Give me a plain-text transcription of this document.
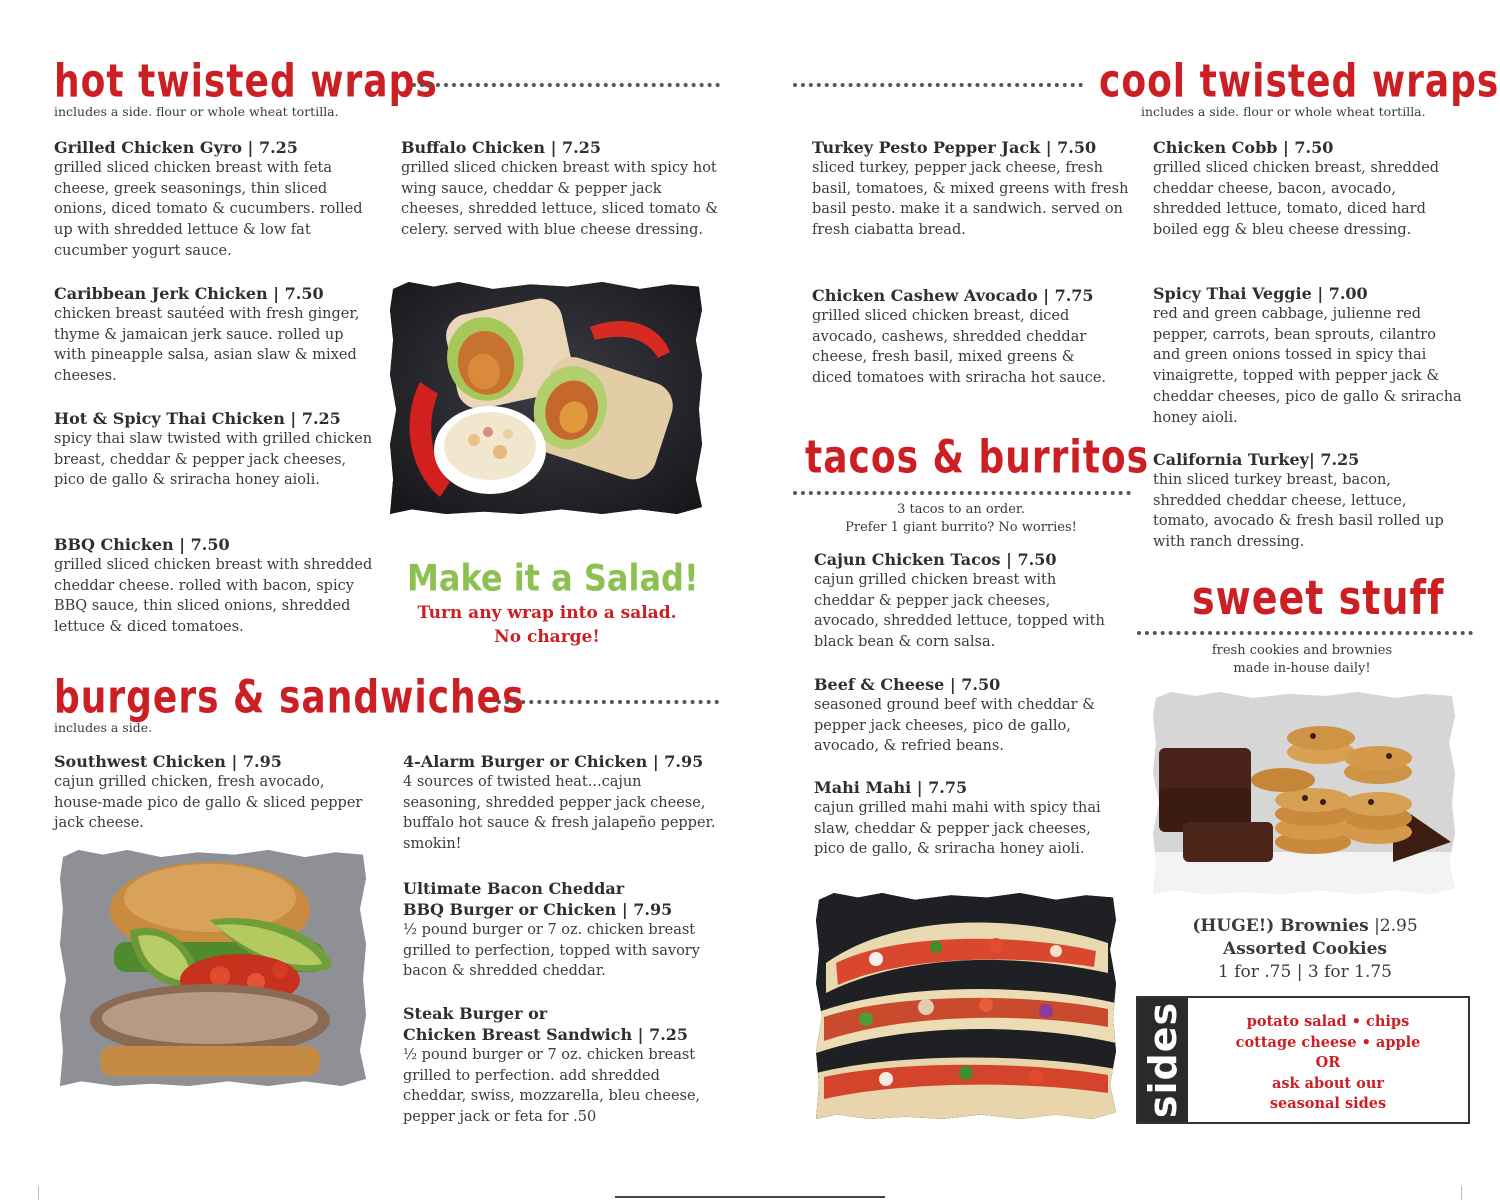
hot twisted wraps
includes a side. flour or whole wheat tortilla.
Grilled Chicken Gyro | 7.25
grilled sliced chicken breast with feta cheese, greek seasonings, thin sliced onions, diced tomato & cucumbers. rolled up with shredded lettuce & low fat cucumber yogurt sauce.
Caribbean Jerk Chicken | 7.50
chicken breast sautéed with fresh ginger, thyme & jamaican jerk sauce. rolled up with pineapple salsa, asian slaw & mixed cheeses.
Hot & Spicy Thai Chicken | 7.25
spicy thai slaw twisted with grilled chicken breast, cheddar & pepper jack cheeses, pico de gallo & sriracha honey aioli.
BBQ Chicken | 7.50
grilled sliced chicken breast with shredded cheddar cheese. rolled with bacon, spicy BBQ sauce, thin sliced onions, shredded lettuce & diced tomatoes.
Buffalo Chicken | 7.25
grilled sliced chicken breast with spicy hot wing sauce, cheddar & pepper jack cheeses, shredded lettuce, sliced tomato & celery. served with blue cheese dressing.
Make it a Salad!
Turn any wrap into a salad.
No charge!
burgers & sandwiches
includes a side.
Southwest Chicken | 7.95
cajun grilled chicken, fresh avocado, house-made pico de gallo & sliced pepper jack cheese.
4-Alarm Burger or Chicken | 7.95
4 sources of twisted heat...cajun seasoning, shredded pepper jack cheese, buffalo hot sauce & fresh jalapeño pepper. smokin!
Ultimate Bacon Cheddar
BBQ Burger or Chicken | 7.95
½ pound burger or 7 oz. chicken breast grilled to perfection, topped with savory bacon & shredded cheddar.
Steak Burger or
Chicken Breast Sandwich | 7.25
½ pound burger or 7 oz. chicken breast grilled to perfection. add shredded cheddar, swiss, mozzarella, bleu cheese, pepper jack or feta for .50
cool twisted wraps
includes a side. flour or whole wheat tortilla.
Turkey Pesto Pepper Jack | 7.50
sliced turkey, pepper jack cheese, fresh basil, tomatoes, & mixed greens with fresh basil pesto. make it a sandwich. served on fresh ciabatta bread.
Chicken Cashew Avocado | 7.75
grilled sliced chicken breast, diced avocado, cashews, shredded cheddar cheese, fresh basil, mixed greens & diced tomatoes with sriracha hot sauce.
Chicken Cobb | 7.50
grilled sliced chicken breast, shredded cheddar cheese, bacon, avocado, shredded lettuce, tomato, diced hard boiled egg & bleu cheese dressing.
Spicy Thai Veggie | 7.00
red and green cabbage, julienne red pepper, carrots, bean sprouts, cilantro and green onions tossed in spicy thai vinaigrette, topped with pepper jack & cheddar cheeses, pico de gallo & sriracha honey aioli.
California Turkey| 7.25
thin sliced turkey breast, bacon, shredded cheddar cheese, lettuce, tomato, avocado & fresh basil rolled up with ranch dressing.
tacos & burritos
3 tacos to an order.
Prefer 1 giant burrito? No worries!
Cajun Chicken Tacos | 7.50
cajun grilled chicken breast with cheddar & pepper jack cheeses, avocado, shredded lettuce, topped with black bean & corn salsa.
Beef & Cheese | 7.50
seasoned ground beef with cheddar & pepper jack cheeses, pico de gallo, avocado, & refried beans.
Mahi Mahi | 7.75
cajun grilled mahi mahi with spicy thai slaw, cheddar & pepper jack cheeses, pico de gallo, & sriracha honey aioli.
sweet stuff
fresh cookies and brownies
made in-house daily!
(HUGE!) Brownies |2.95
Assorted Cookies
1 for .75 | 3 for 1.75
sides	potato salad • chips
cottage cheese • apple
OR
ask about our
seasonal sides
